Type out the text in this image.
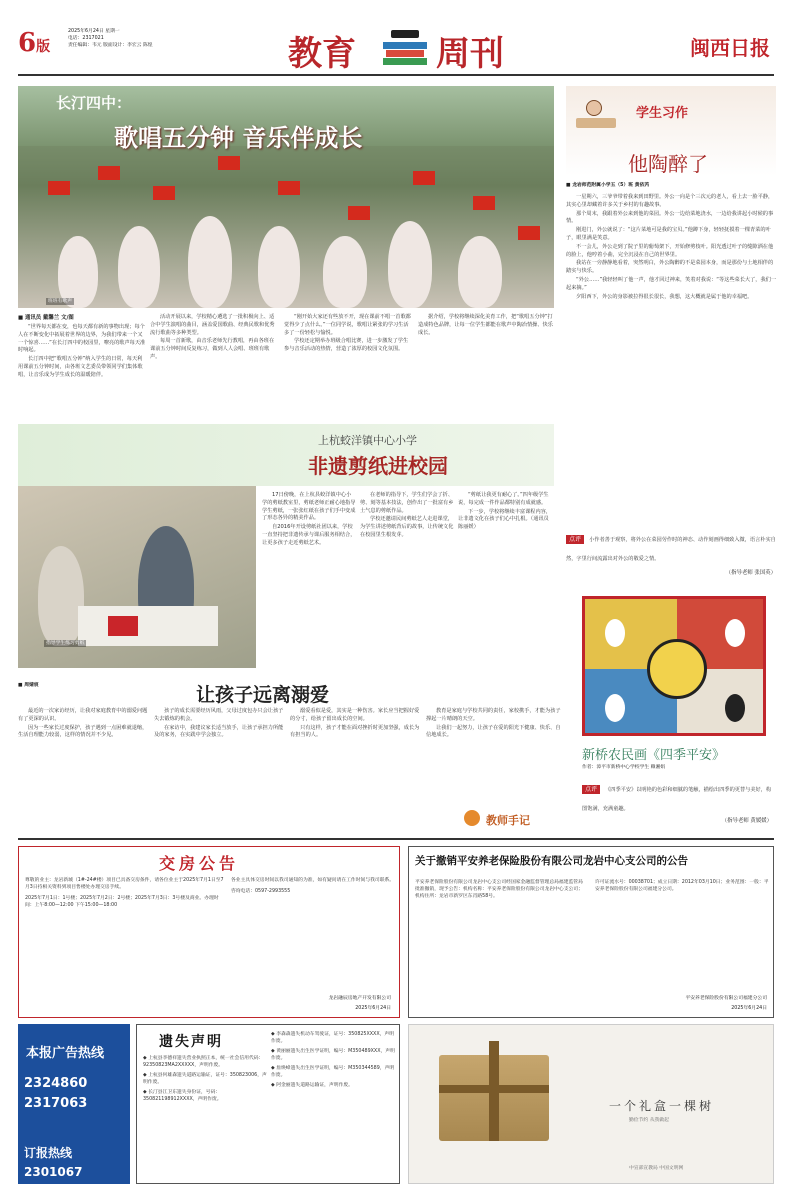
6版
2025年6月24日 星期一
电话：2317021
责任编辑：韦元 版面设计：李宏云 陈煌	教育 周刊	闽西日报
长汀四中：
歌唱五分钟 音乐伴成长
班班有歌声
■ 通讯员 戴馨兰 文/图

“世界每天都在变，也每天都有新的事物出现；每个人在不断变化中拓展着世界的边界，为我们带来一个又一个惊喜……”在长汀四中的校园里，嘹亮的歌声每天准时响起。

长汀四中把“歌唱五分钟”纳入学生的日常，每天利用课前五分钟时间，由各班文艺委员带领同学们集体歌唱，让音乐成为学生成长的温暖陪伴。

活动开展以来，学校精心遴选了一批积极向上、适合中学生演唱的曲目，涵盖爱国歌曲、经典民歌和优秀流行歌曲等多种类型。

每周一首新歌，由音乐老师先行教唱，再由各班在课前五分钟时间反复练习，做到人人会唱、班班有歌声。

“刚开始大家还有些放不开，现在课前不唱一首歌都觉得少了点什么。”一位同学说，歌唱让紧张的学习生活多了一份轻松与愉悦。

学校还定期举办班级合唱比赛，进一步激发了学生参与音乐活动的热情，营造了浓厚的校园文化氛围。

据介绍，学校将继续深化美育工作，把“歌唱五分钟”打造成特色品牌，让每一位学生都能在歌声中陶冶情操、快乐成长。

上杭蛟洋镇中心小学
非遗剪纸进校园
指导学生练习剪纸

17日傍晚，在上杭县蛟洋镇中心小学的剪纸教室里，剪纸老师正耐心地指导学生剪纸，一张张红纸在孩子们手中变成了形态各异的精美作品。

自2016年开设剪纸社团以来，学校一直坚持把非遗传承与课后服务相结合，让更多孩子走近剪纸艺术。

在老师的指导下，学生们学会了折、剪、刻等基本技法，创作出了一批富有乡土气息的剪纸作品。

学校还邀请民间剪纸艺人走进课堂，为学生讲述剪纸背后的故事，让传统文化在校园里生根发芽。

“剪纸让我更有耐心了。”四年级学生说，每完成一件作品都特别有成就感。

下一步，学校将继续丰富课程内容，让非遗文化在孩子们心中扎根。（通讯员 陈丽媛）

学生习作
他陶醉了
■ 龙岩师范附属小学五（5）班 黄依芮

一星期六，三爷爷带着我来到田野里。外公一向是个三次元的老人，看上去一脸平静，其实心里却藏着许多关于乡村的有趣故事。

那个周末，我跟着外公来到他的菜园。外公一边给菜地浇水，一边给我讲起小时候的事情。

刚进门，外公就说了：“这片菜地可是我的宝贝。”他蹲下身，轻轻抚摸着一棵青菜的叶子，眼里满是笑意。

不一会儿，外公走到了院子里的葡萄架下，开始修剪枝叶。阳光透过叶子的缝隙洒在他的脸上，他哼着小曲，完全沉浸在自己的世界里。

我站在一旁静静地看着，突然明白，外公陶醉的不是菜园本身，而是那份与土地相伴的踏实与快乐。

“外公……”我轻轻叫了他一声，他才回过神来，笑着对我说：“等这些菜长大了，我们一起来摘。”

夕阳西下，外公的身影被拉得很长很长，我想，这大概就是属于他的幸福吧。

点评 小作者善于观察，将外公在菜园劳作时的神态、动作刻画得细致入微，语言朴实自然，字里行间流露出对外公的敬爱之情。
（指导老师 张国英）
新桥农民画《四季平安》
作者：漳平市新桥中心学校学生 赖湘娟
点评 《四季平安》以明艳的色彩和细腻的笔触，描绘出四季的更替与美好，构图饱满，充满童趣。
（指导老师 黄媛媛）
■ 周婧宸	让孩子远离溺爱

最近的一次家访经历，让我对家庭教育中的溺爱问题有了更深的认识。

因为一些家长过度保护，孩子遇到一点困难就退缩，生活自理能力较弱，这样的情况并不少见。

孩子的成长需要经历风雨，父母过度包办只会让孩子失去锻炼的机会。

在家访中，我建议家长适当放手，让孩子承担力所能及的家务，在实践中学会独立。

溺爱看似是爱，其实是一种伤害。家长应当把握好爱的分寸，给孩子留出成长的空间。

只有这样，孩子才能在面对挫折时更加坚强，成长为有担当的人。

教育是家庭与学校共同的责任，家校携手，才能为孩子撑起一片晴朗的天空。

让我们一起努力，让孩子在爱的阳光下健康、快乐、自信地成长。

教师手记
交房公告
尊敬的业主：龙岩新城（1#-24#楼）项目已具备交房条件，请各位业主于2025年7月1日至7月3日持相关资料到项目售楼处办理交房手续。
2025年7月1日：1号楼；2025年7月2日：2号楼；2025年7月3日：3号楼及商业。办理时间：上午8:00—12:00 下午15:00—18:00
各业主具体交房时间以我司通知的为准，如有疑问请在工作时间与我司联系。
咨询电话：0597-2993555
龙岩融辰房地产开发有限公司
2025年6月24日
关于撤销平安养老保险股份有限公司龙岩中心支公司的公告
平安养老保险股份有限公司龙岩中心支公司经国家金融监督管理总局福建监管局批准撤销，现予公告：机构名称：平安养老保险股份有限公司龙岩中心支公司；机构住所：龙岩市新罗区东肖路58号。
许可证流水号：00038701；成立日期：2012年03月10日；业务范围：一般：平安养老保险股份有限公司福建分公司。
平安养老保险股份有限公司福建分公司
2025年6月24日
本报广告热线
2324860 2317063
订报热线 2301067
遗失声明
◆ 上杭县李德祥遗失营业执照正本，统一社会信用代码：92350823MA2XXXXX，声明作废。
◆ 上杭县何雄森遗失道路运输证，证号：350823006，声明作废。
◆ 长汀县江卫东遗失身份证，号码：350821198912XXXX，声明作废。
◆ 李森森遗失机动车驾驶证，证号：350825XXXX，声明作废。
◆ 黄丽丽遗失出生医学证明，编号：M350489XXX，声明作废。
◆ 詹焕峰遗失出生医学证明，编号：M350344589，声明作废。
◆ 阿金丽遗失道路运输证，声明作废。
一个礼盒一棵树
勤俭节约 从我做起
中宣部宣教局 中国文明网
